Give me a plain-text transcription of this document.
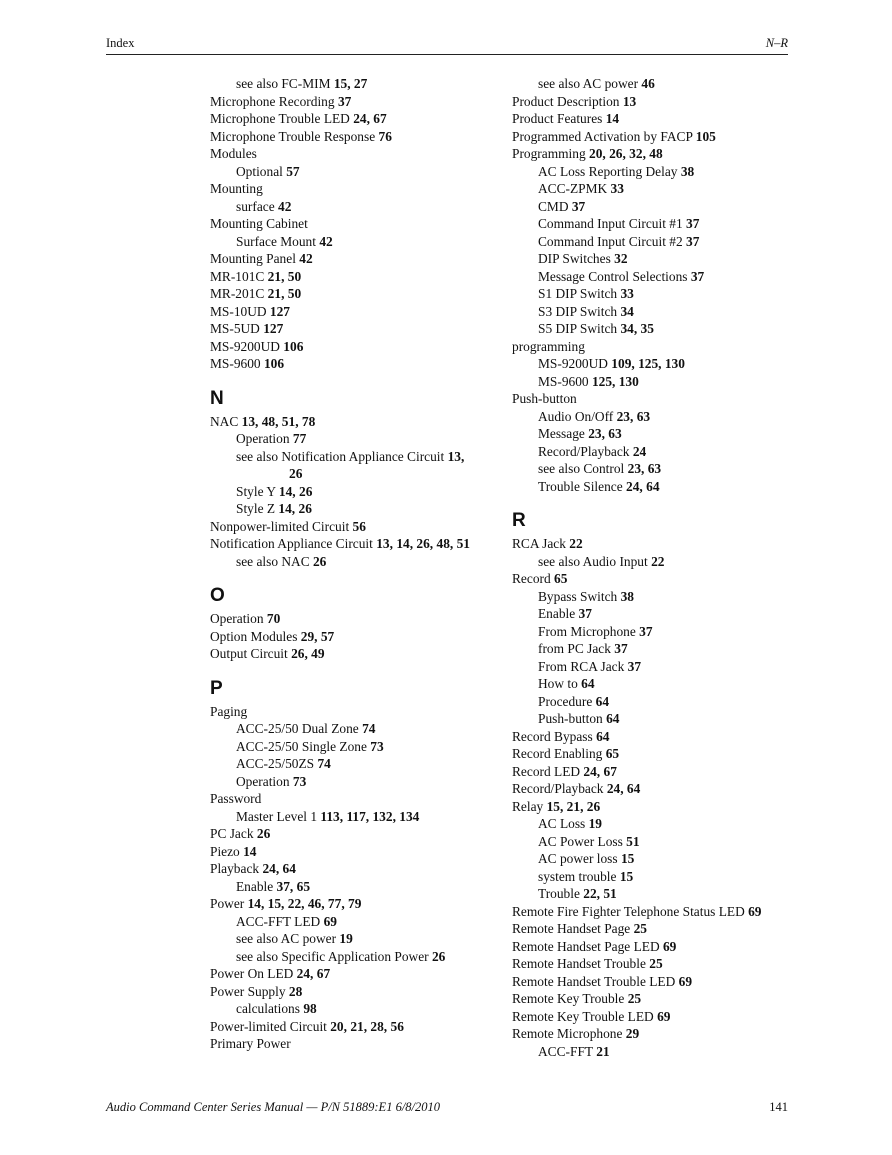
Index	N–R
see also FC-MIM 15, 27
Microphone Recording 37
Microphone Trouble LED 24, 67
Microphone Trouble Response 76
Modules
Optional 57
Mounting
surface 42
Mounting Cabinet
Surface Mount 42
Mounting Panel 42
MR-101C 21, 50
MR-201C 21, 50
MS-10UD 127
MS-5UD 127
MS-9200UD 106
MS-9600 106
N
NAC 13, 48, 51, 78
Operation 77
see also Notification Appliance Circuit 13,
26
Style Y 14, 26
Style Z 14, 26
Nonpower-limited Circuit 56
Notification Appliance Circuit 13, 14, 26, 48, 51
see also NAC 26
O
Operation 70
Option Modules 29, 57
Output Circuit 26, 49
P
Paging
ACC-25/50 Dual Zone 74
ACC-25/50 Single Zone 73
ACC-25/50ZS 74
Operation 73
Password
Master Level 1 113, 117, 132, 134
PC Jack 26
Piezo 14
Playback 24, 64
Enable 37, 65
Power 14, 15, 22, 46, 77, 79
ACC-FFT LED 69
see also AC power 19
see also Specific Application Power 26
Power On LED 24, 67
Power Supply 28
calculations 98
Power-limited Circuit 20, 21, 28, 56
Primary Power
see also AC power 46
Product Description 13
Product Features 14
Programmed Activation by FACP 105
Programming 20, 26, 32, 48
AC Loss Reporting Delay 38
ACC-ZPMK 33
CMD 37
Command Input Circuit #1 37
Command Input Circuit #2 37
DIP Switches 32
Message Control Selections 37
S1 DIP Switch 33
S3 DIP Switch 34
S5 DIP Switch 34, 35
programming
MS-9200UD 109, 125, 130
MS-9600 125, 130
Push-button
Audio On/Off 23, 63
Message 23, 63
Record/Playback 24
see also Control 23, 63
Trouble Silence 24, 64
R
RCA Jack 22
see also Audio Input 22
Record 65
Bypass Switch 38
Enable 37
From Microphone 37
from PC Jack 37
From RCA Jack 37
How to 64
Procedure 64
Push-button 64
Record Bypass 64
Record Enabling 65
Record LED 24, 67
Record/Playback 24, 64
Relay 15, 21, 26
AC Loss 19
AC Power Loss 51
AC power loss 15
system trouble 15
Trouble 22, 51
Remote Fire Fighter Telephone Status LED 69
Remote Handset Page 25
Remote Handset Page LED 69
Remote Handset Trouble 25
Remote Handset Trouble LED 69
Remote Key Trouble 25
Remote Key Trouble LED 69
Remote Microphone 29
ACC-FFT 21
Audio Command Center Series Manual — P/N 51889:E1 6/8/2010	141
